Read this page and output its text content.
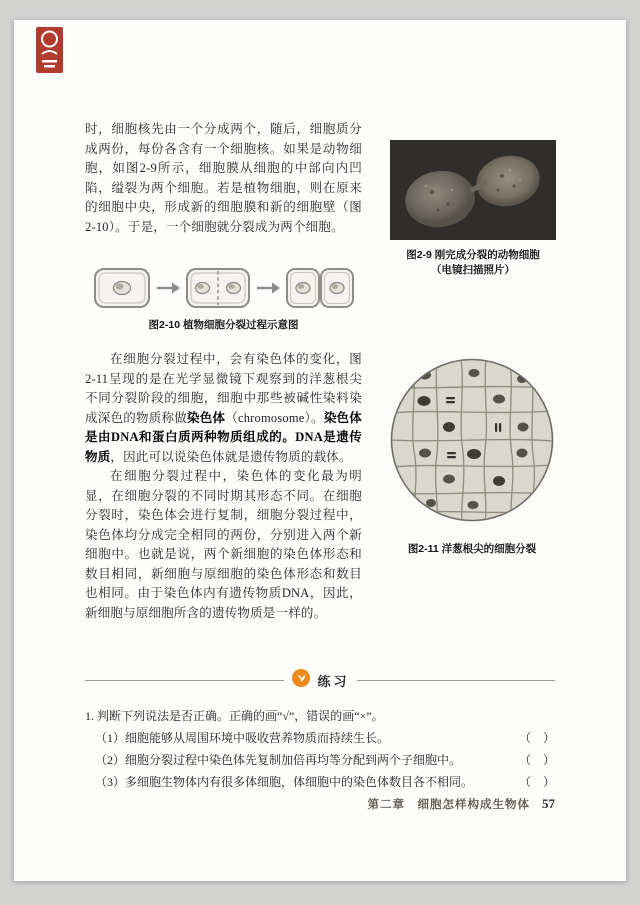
时，细胞核先由一个分成两个，随后，细胞质分成两份，每份各含有一个细胞核。如果是动物细胞，如图2-9所示，细胞膜从细胞的中部向内凹陷，缢裂为两个细胞。若是植物细胞，则在原来的细胞中央，形成新的细胞膜和新的细胞壁（图2-10）。于是，一个细胞就分裂成为两个细胞。

图2-10 植物细胞分裂过程示意图

在细胞分裂过程中，会有染色体的变化，图2-11呈现的是在光学显微镜下观察到的洋葱根尖不同分裂阶段的细胞，细胞中那些被碱性染料染成深色的物质称做染色体（chromosome）。染色体是由DNA和蛋白质两种物质组成的。DNA是遗传物质，因此可以说染色体就是遗传物质的载体。

在细胞分裂过程中，染色体的变化最为明显，在细胞分裂的不同时期其形态不同。在细胞分裂时，染色体会进行复制，细胞分裂过程中，染色体均分成完全相同的两份，分别进入两个新细胞中。也就是说，两个新细胞的染色体形态和数目相同，新细胞与原细胞的染色体形态和数目也相同。由于染色体内有遗传物质DNA，因此，新细胞与原细胞所含的遗传物质是一样的。

图2-9 刚完成分裂的动物细胞
（电镜扫描照片）
图2-11 洋葱根尖的细胞分裂
练习
1. 判断下列说法是否正确。正确的画“√”，错误的画“×”。
（1）细胞能够从周围环境中吸收营养物质而持续生长。	（　）
（2）细胞分裂过程中染色体先复制加倍再均等分配到两个子细胞中。	（　）
（3）多细胞生物体内有很多体细胞，体细胞中的染色体数目各不相同。	（　）
第二章　细胞怎样构成生物体 57
